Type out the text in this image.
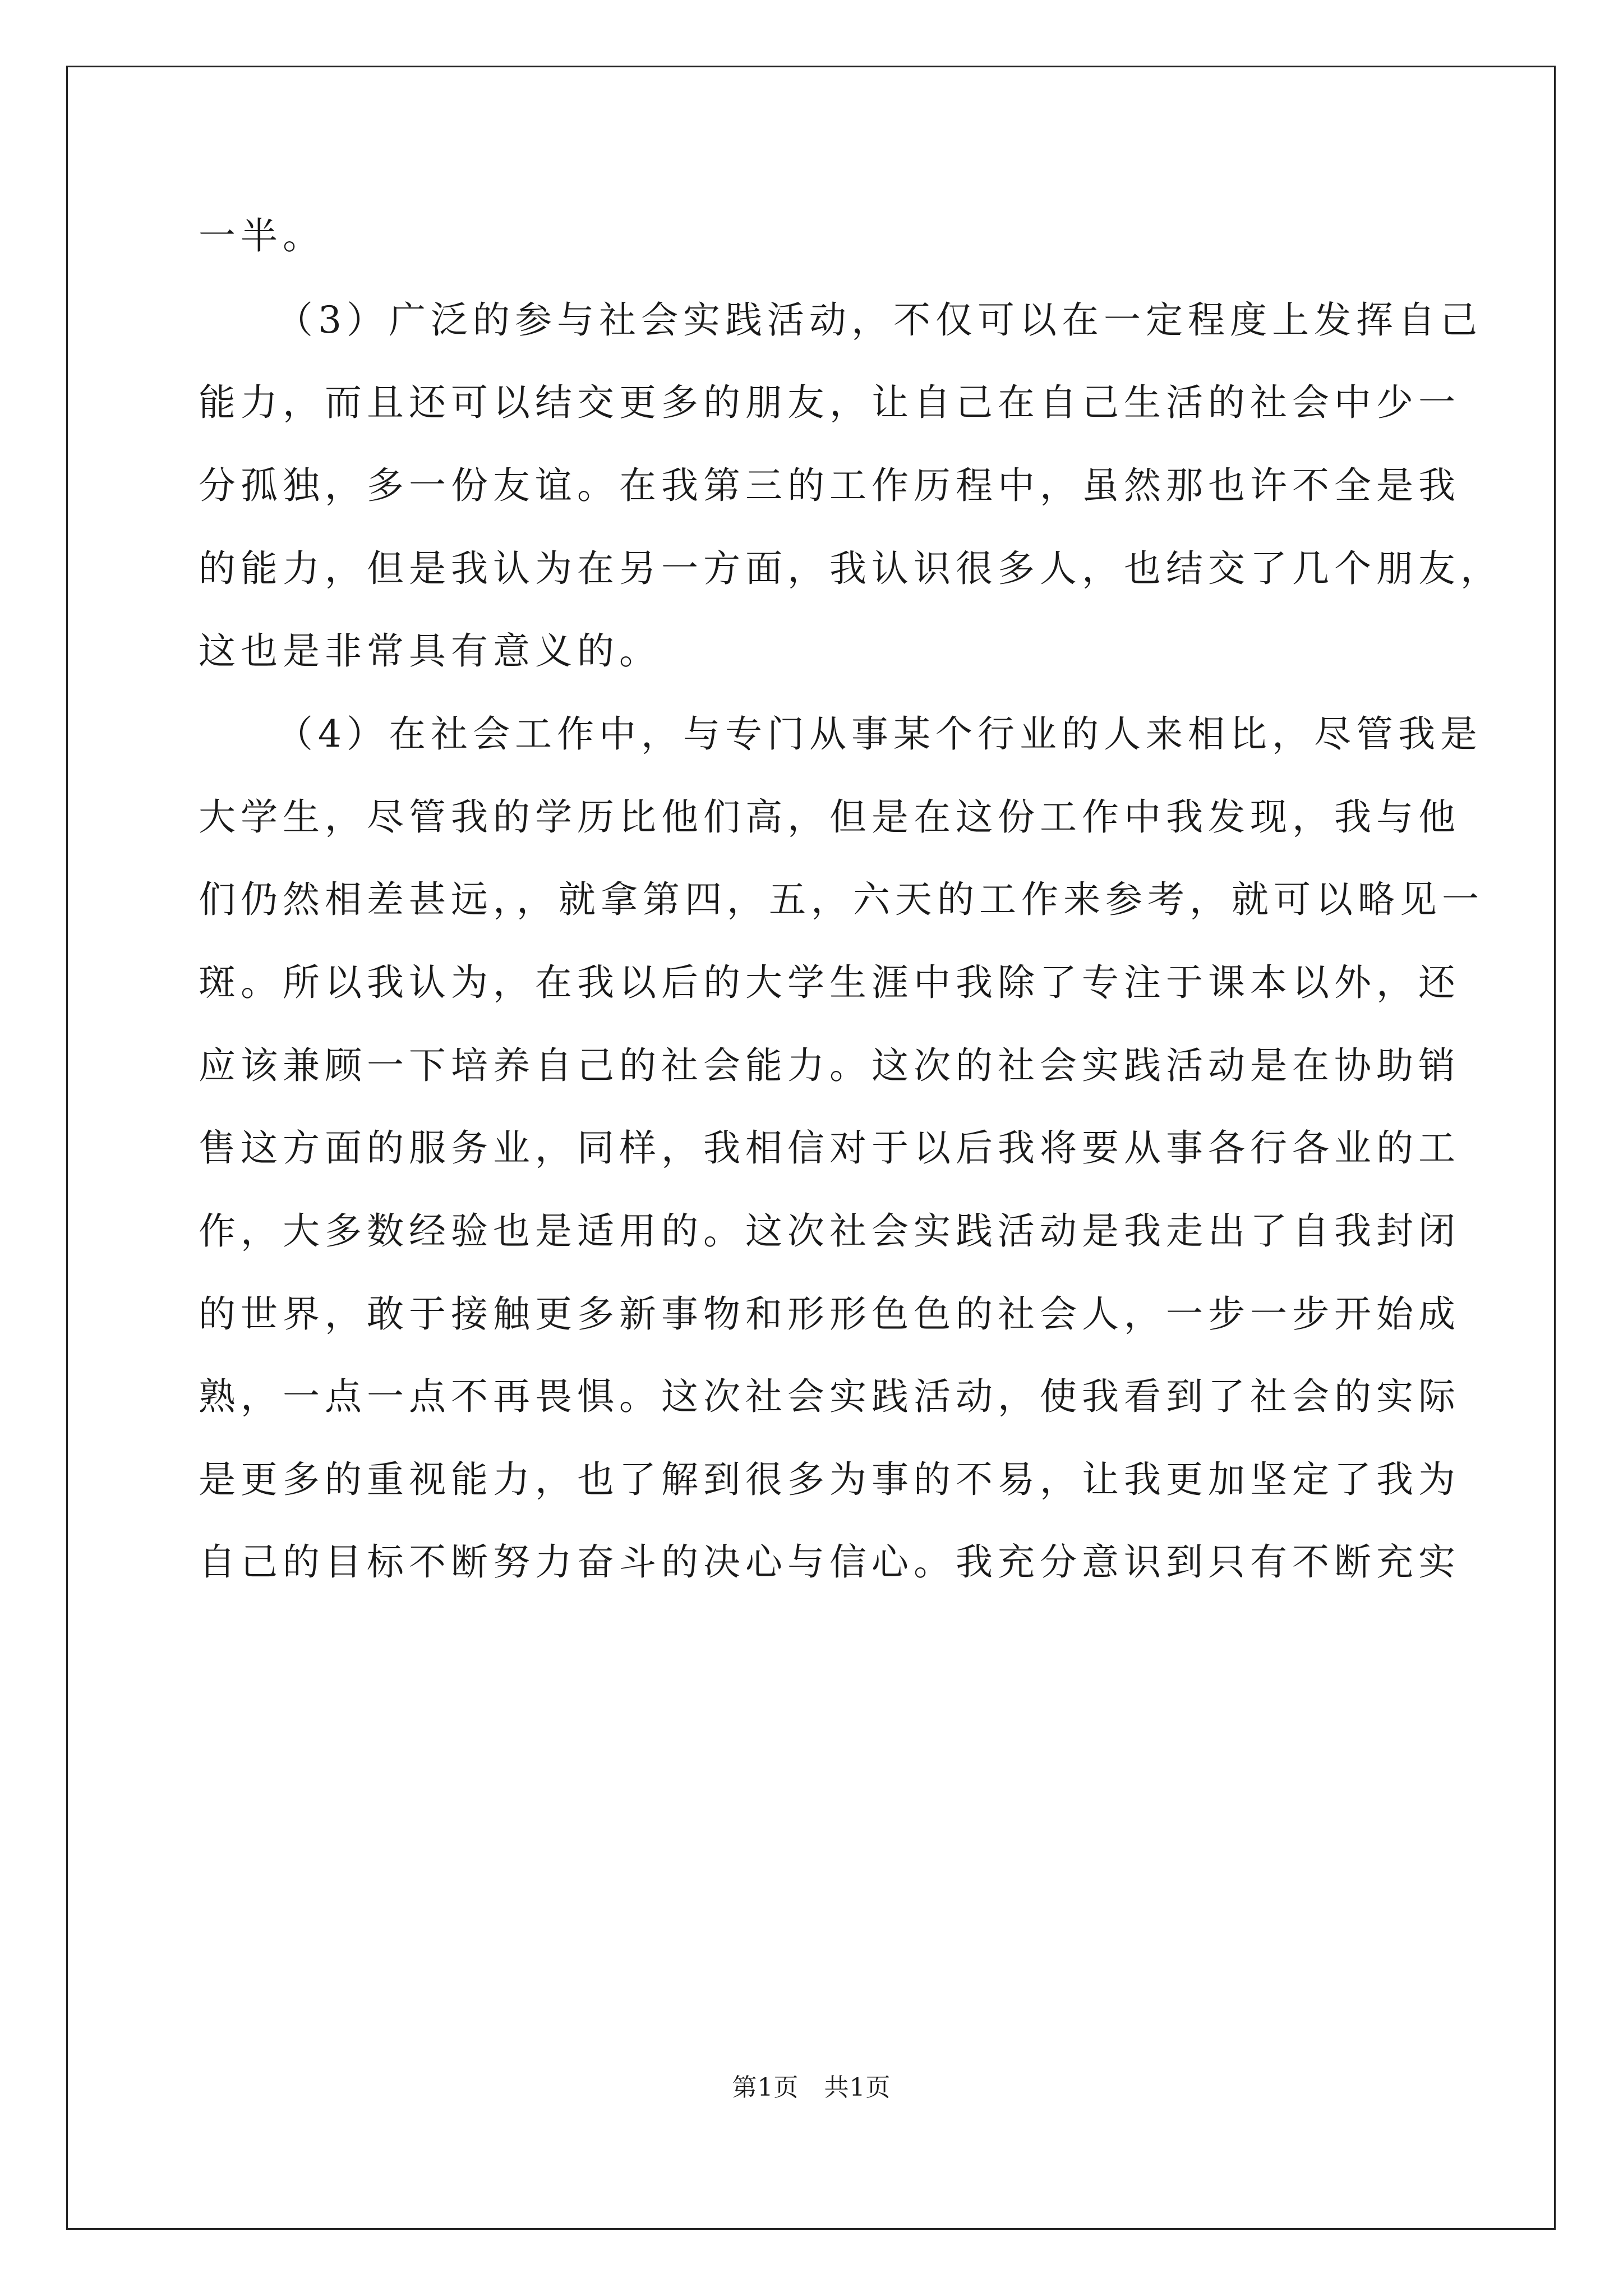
一半。
（3）广泛的参与社会实践活动，不仅可以在一定程度上发挥自己
能力，而且还可以结交更多的朋友，让自己在自己生活的社会中少一
分孤独，多一份友谊。在我第三的工作历程中，虽然那也许不全是我
的能力，但是我认为在另一方面，我认识很多人，也结交了几个朋友，
这也是非常具有意义的。
（4）在社会工作中，与专门从事某个行业的人来相比，尽管我是
大学生，尽管我的学历比他们高，但是在这份工作中我发现，我与他
们仍然相差甚远，，就拿第四，五，六天的工作来参考，就可以略见一
斑。所以我认为，在我以后的大学生涯中我除了专注于课本以外，还
应该兼顾一下培养自己的社会能力。这次的社会实践活动是在协助销
售这方面的服务业，同样，我相信对于以后我将要从事各行各业的工
作，大多数经验也是适用的。这次社会实践活动是我走出了自我封闭
的世界，敢于接触更多新事物和形形色色的社会人，一步一步开始成
熟，一点一点不再畏惧。这次社会实践活动，使我看到了社会的实际
是更多的重视能力，也了解到很多为事的不易，让我更加坚定了我为
自己的目标不断努力奋斗的决心与信心。我充分意识到只有不断充实
第1页   共1页
